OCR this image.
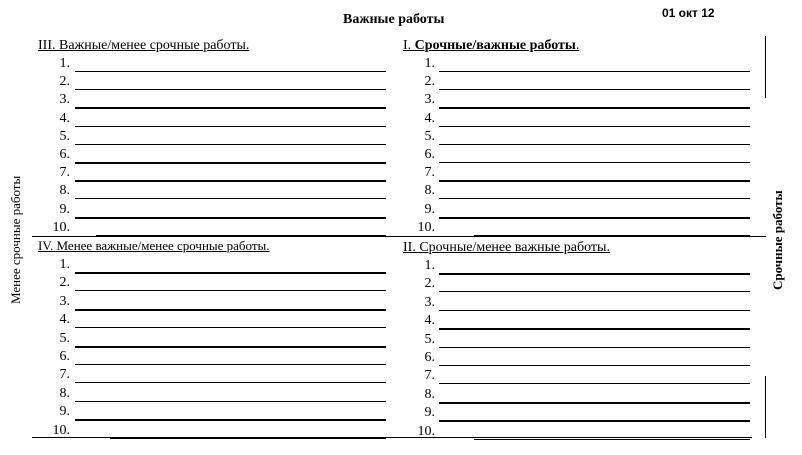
Важные работы	01 окт 12
Менее срочные работы	Срочные работы
III. Важные/менее срочные работы.	I. Срочные/важные работы.
IV. Менее важные/менее срочные работы.	II. Срочные/менее важные работы.
1.
2.
3.
4.
5.
6.
7.
8.
9.
10.
1.
2.
3.
4.
5.
6.
7.
8.
9.
10.
1.
2.
3.
4.
5.
6.
7.
8.
9.
10.
1.
2.
3.
4.
5.
6.
7.
8.
9.
10.
